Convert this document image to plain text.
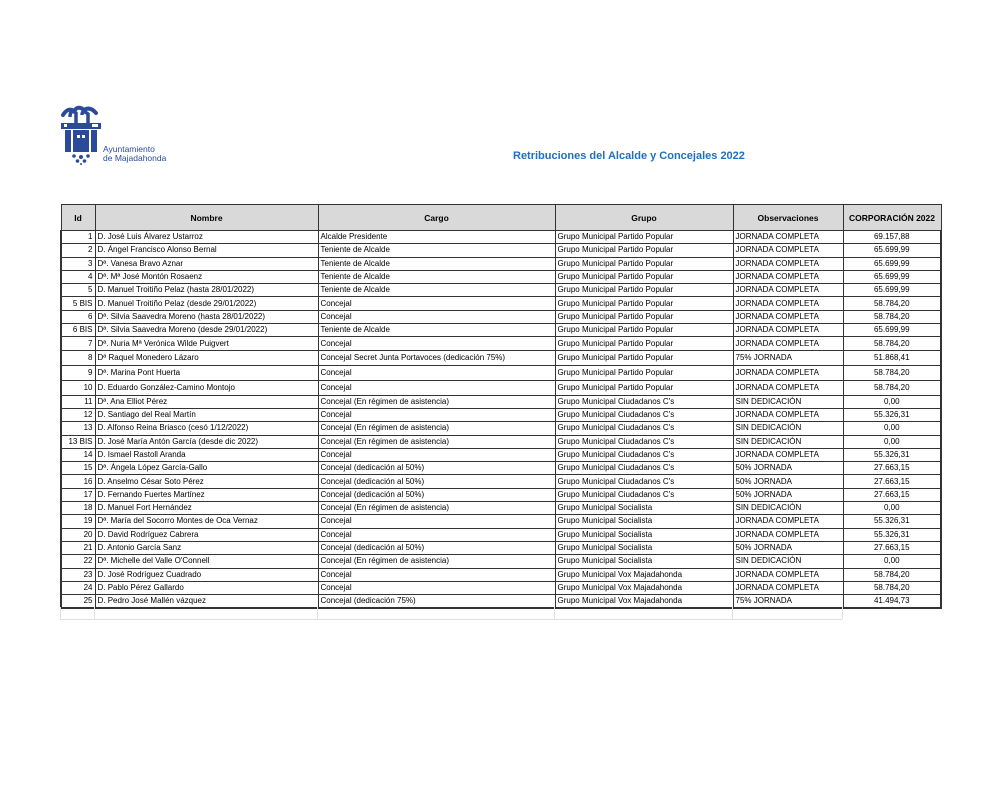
Ayuntamiento
de Majadahonda	Retribuciones del Alcalde y Concejales 2022
Id	Nombre	Cargo	Grupo	Observaciones	CORPORACIÓN 2022
1	D. José Luis Álvarez Ustarroz	Alcalde Presidente	Grupo Municipal Partido Popular	JORNADA COMPLETA	69.157,88
2	D. Ángel Francisco Alonso Bernal	Teniente de Alcalde	Grupo Municipal Partido Popular	JORNADA COMPLETA	65.699,99
3	Dª. Vanesa Bravo Aznar	Teniente de Alcalde	Grupo Municipal Partido Popular	JORNADA COMPLETA	65.699,99
4	Dª. Mª José Montón Rosaenz	Teniente de Alcalde	Grupo Municipal Partido Popular	JORNADA COMPLETA	65.699,99
5	D. Manuel Troitiño Pelaz (hasta 28/01/2022)	Teniente de Alcalde	Grupo Municipal Partido Popular	JORNADA COMPLETA	65.699,99
5 BIS	D. Manuel Troitiño Pelaz (desde 29/01/2022)	Concejal	Grupo Municipal Partido Popular	JORNADA COMPLETA	58.784,20
6	Dª. Silvia Saavedra Moreno (hasta 28/01/2022)	Concejal	Grupo Municipal Partido Popular	JORNADA COMPLETA	58.784,20
6 BIS	Dª. Silvia Saavedra Moreno (desde 29/01/2022)	Teniente de Alcalde	Grupo Municipal Partido Popular	JORNADA COMPLETA	65.699,99
7	Dª. Nuria Mª Verónica Wilde Puigvert	Concejal	Grupo Municipal Partido Popular	JORNADA COMPLETA	58.784,20
8	Dª Raquel Monedero Lázaro	Concejal Secret Junta Portavoces (dedicación 75%)	Grupo Municipal Partido Popular	75% JORNADA	51.868,41
9	Dª. Marina Pont Huerta	Concejal	Grupo Municipal Partido Popular	JORNADA COMPLETA	58.784,20
10	D. Eduardo González-Camino Montojo	Concejal	Grupo Municipal Partido Popular	JORNADA COMPLETA	58.784,20
11	Dª. Ana Elliot Pérez	Concejal (En régimen de asistencia)	Grupo Municipal Ciudadanos C's	SIN DEDICACIÓN	0,00
12	D. Santiago del Real Martín	Concejal	Grupo Municipal Ciudadanos C's	JORNADA COMPLETA	55.326,31
13	D. Alfonso Reina Briasco (cesó 1/12/2022)	Concejal (En régimen de asistencia)	Grupo Municipal Ciudadanos C's	SIN DEDICACIÓN	0,00
13 BIS	D. José María Antón García (desde dic 2022)	Concejal (En régimen de asistencia)	Grupo Municipal Ciudadanos C's	SIN DEDICACIÓN	0,00
14	D. Ismael Rastoll Aranda	Concejal	Grupo Municipal Ciudadanos C's	JORNADA COMPLETA	55.326,31
15	Dª. Ángela López García-Gallo	Concejal (dedicación al 50%)	Grupo Municipal Ciudadanos C's	50% JORNADA	27.663,15
16	D. Anselmo César Soto Pérez	Concejal (dedicación al 50%)	Grupo Municipal Ciudadanos C's	50% JORNADA	27.663,15
17	D. Fernando Fuertes Martínez	Concejal (dedicación al 50%)	Grupo Municipal Ciudadanos C's	50% JORNADA	27.663,15
18	D. Manuel Fort Hernández	Concejal (En régimen de asistencia)	Grupo Municipal Socialista	SIN DEDICACIÓN	0,00
19	Dª. María del Socorro Montes de Oca Vernaz	Concejal	Grupo Municipal Socialista	JORNADA COMPLETA	55.326,31
20	D. David Rodríguez Cabrera	Concejal	Grupo Municipal Socialista	JORNADA COMPLETA	55.326,31
21	D. Antonio García Sanz	Concejal (dedicación al 50%)	Grupo Municipal Socialista	50% JORNADA	27.663,15
22	Dª. Michelle del Valle O'Connell	Concejal (En régimen de asistencia)	Grupo Municipal Socialista	SIN DEDICACIÓN	0,00
23	D. José Rodríguez Cuadrado	Concejal	Grupo Municipal Vox Majadahonda	JORNADA COMPLETA	58.784,20
24	D. Pablo Pérez Gallardo	Concejal	Grupo Municipal Vox Majadahonda	JORNADA COMPLETA	58.784,20
25	D. Pedro José Mallén vázquez	Concejal (dedicación 75%)	Grupo Municipal Vox Majadahonda	75% JORNADA	41.494,73
